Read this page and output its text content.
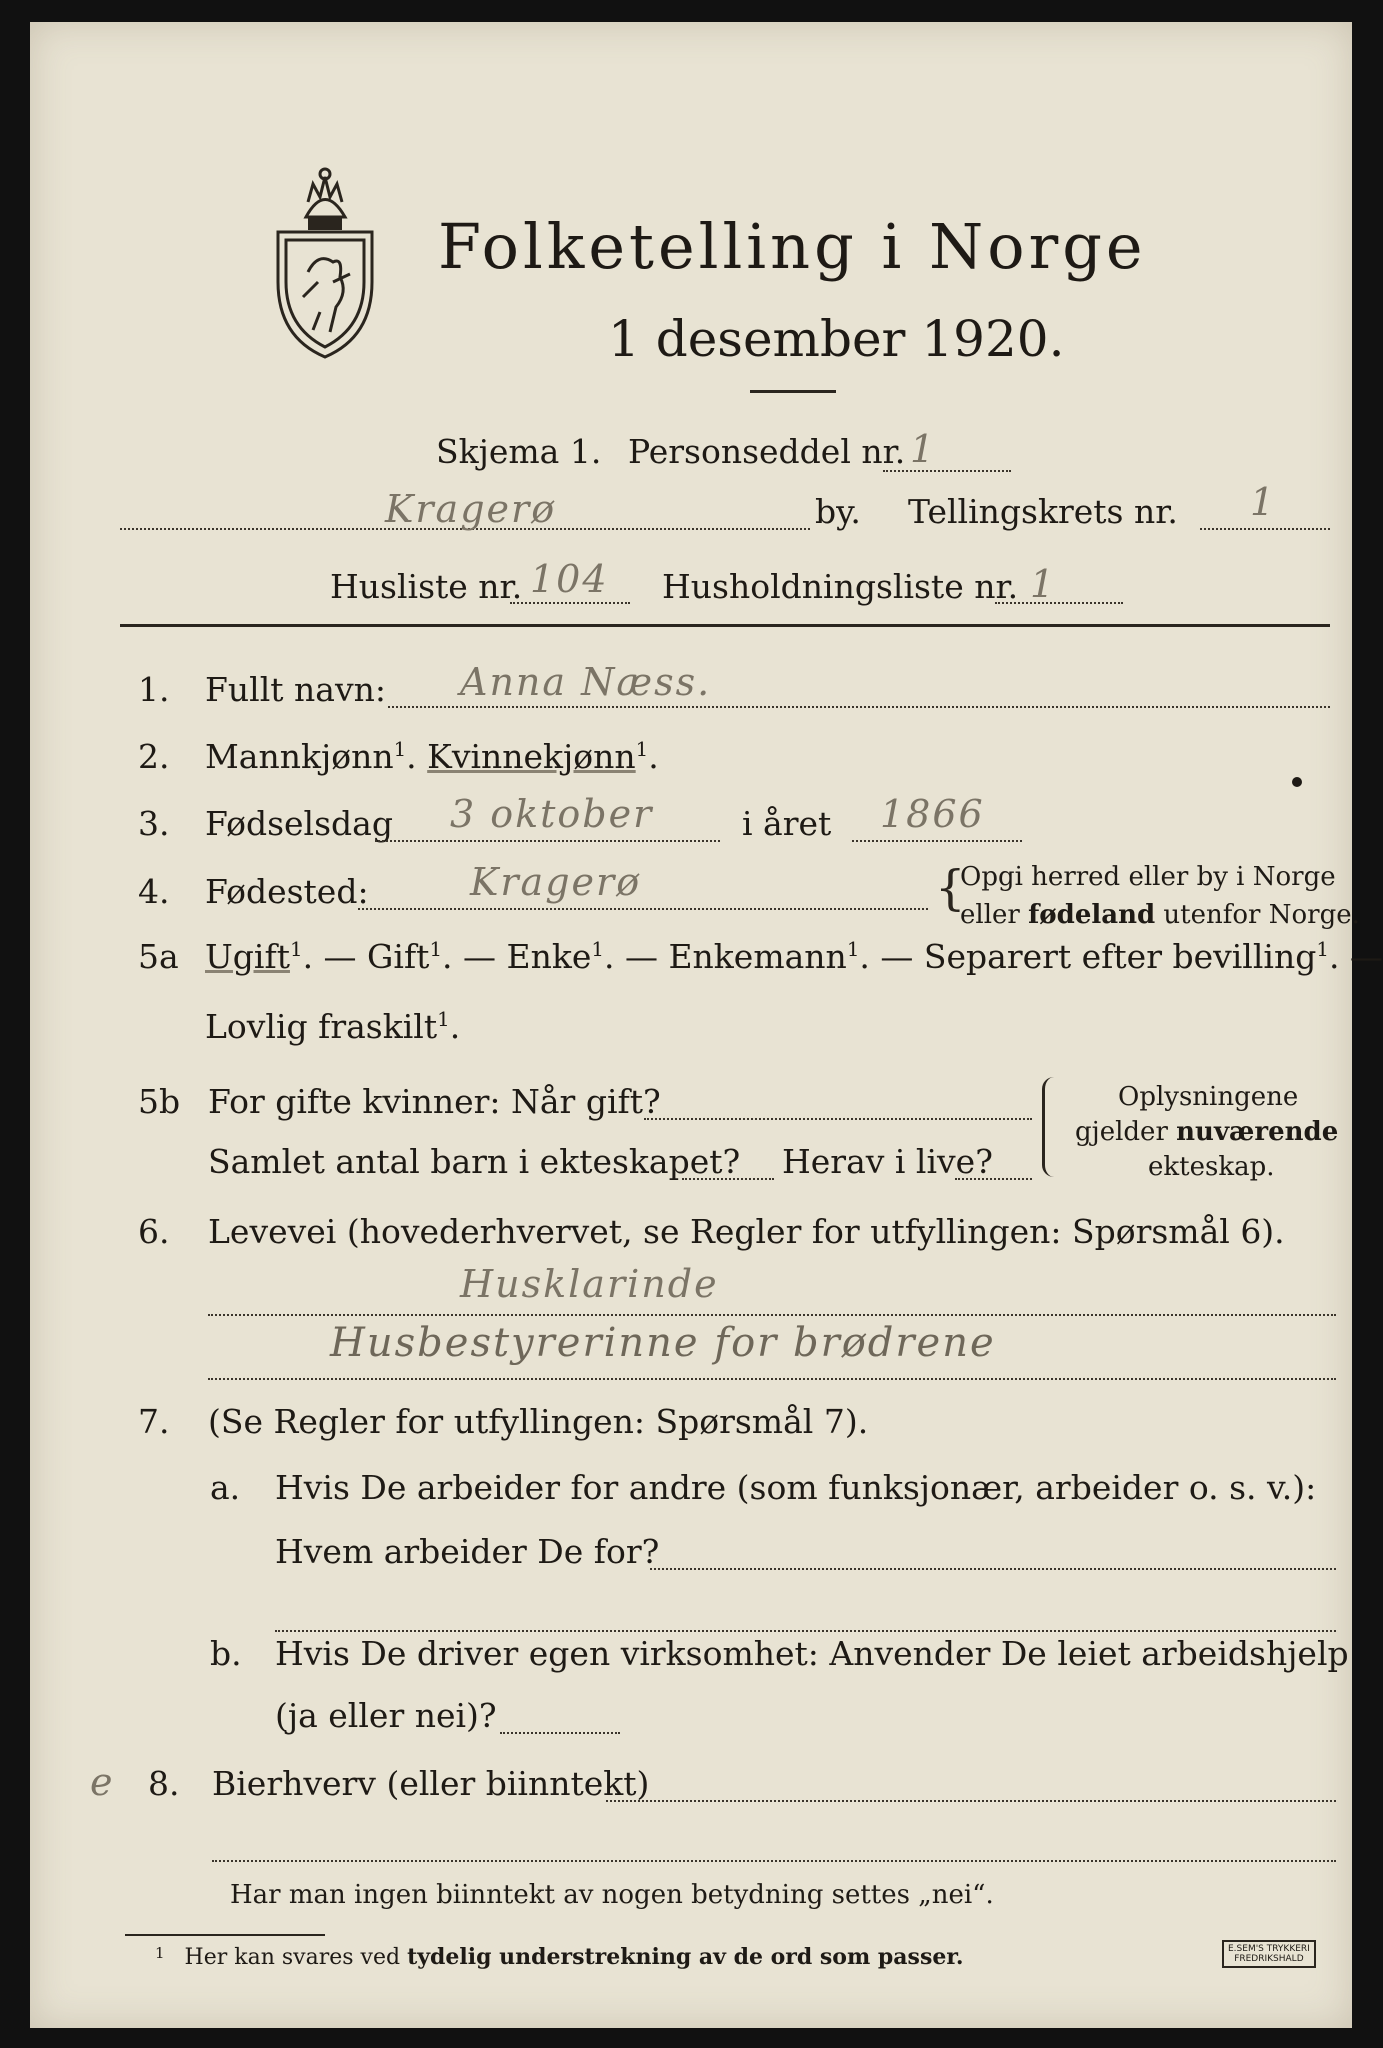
Folketelling i Norge
1 desember 1920.
Skjema 1. Personseddel nr. 1
Kragerø	by. Tellingskrets nr. 1
Husliste nr. 104 Husholdningsliste nr. 1
1. Fullt navn: Anna Næss.
2. Mannkjønn$^1$. Kvinnekjønn$^1$.
3. Fødselsdag 3 oktober	i året 1866
4. Fødested:	Kragerø	{
Opgi herred eller by i Norge
eller fødeland utenfor Norge.
5a Ugift$^1$. — Gift$^1$. — Enke$^1$. — Enkemann$^1$. — Separert efter bevilling$^1$. —
Lovlig fraskilt$^1$.
5b For gifte kvinner: Når gift?
Samlet antal barn i ekteskapet? Herav i live?
Oplysningene
gjelder nuværende
ekteskap.
6. Levevei (hovederhvervet, se Regler for utfyllingen: Spørsmål 6).
Husklarinde
Husbestyrerinne for brødrene
7. (Se Regler for utfyllingen: Spørsmål 7).
a. Hvis De arbeider for andre (som funksjonær, arbeider o. s. v.):
Hvem arbeider De for?
b. Hvis De driver egen virksomhet: Anvender De leiet arbeidshjelp
(ja eller nei)?
e 8. Bierhverv (eller biinntekt)
Har man ingen biinntekt av nogen betydning settes „nei“.
$^1$ Her kan svares ved tydelig understrekning av de ord som passer.	E.SEM'S TRYKKERI
FREDRIKSHALD
